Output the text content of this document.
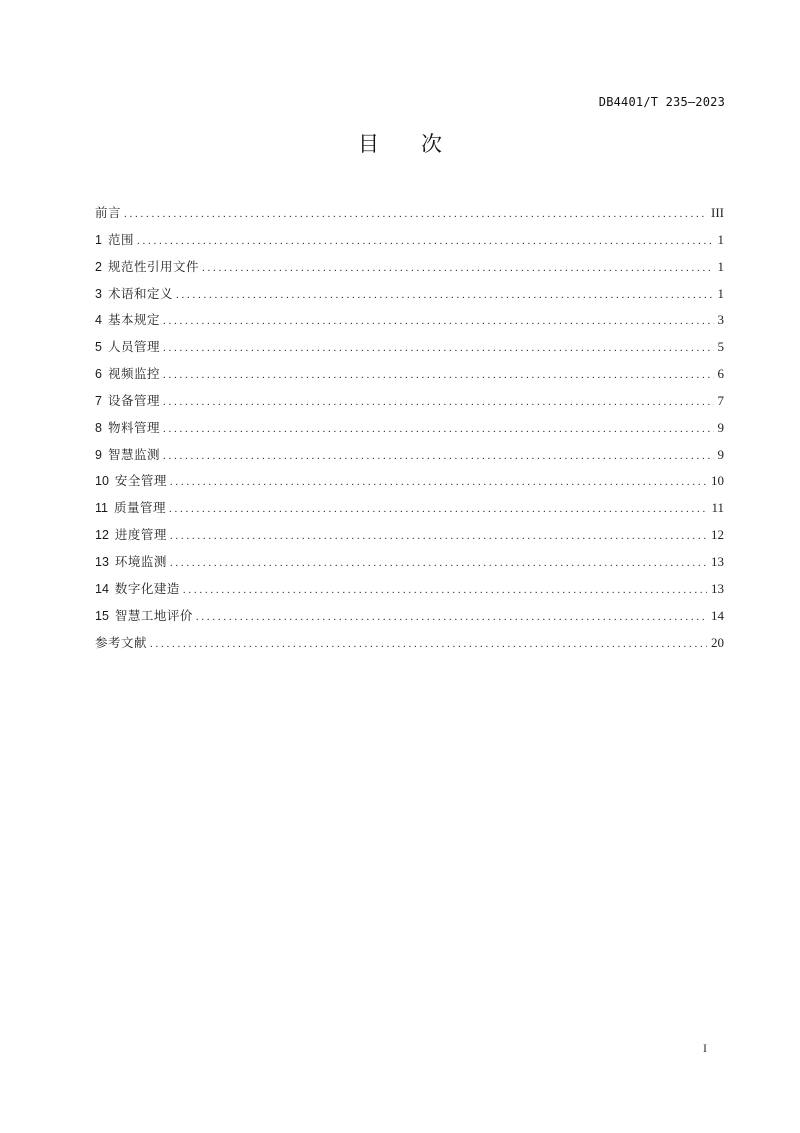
DB4401/T 235—2023
目 次
前言 . . .	III
1 范围 . . .	1
2 规范性引用文件 . . .	1
3 术语和定义 . . .	1
4 基本规定 . . .	3
5 人员管理 . . .	5
6 视频监控 . . .	6
7 设备管理 . . .	7
8 物料管理 . . .	9
9 智慧监测 . . .	9
10 安全管理 . . .	10
11 质量管理 . . .	11
12 进度管理 . . .	12
13 环境监测 . . .	13
14 数字化建造 . . .	13
15 智慧工地评价 . . .	14
参考文献 . . .	20
I
